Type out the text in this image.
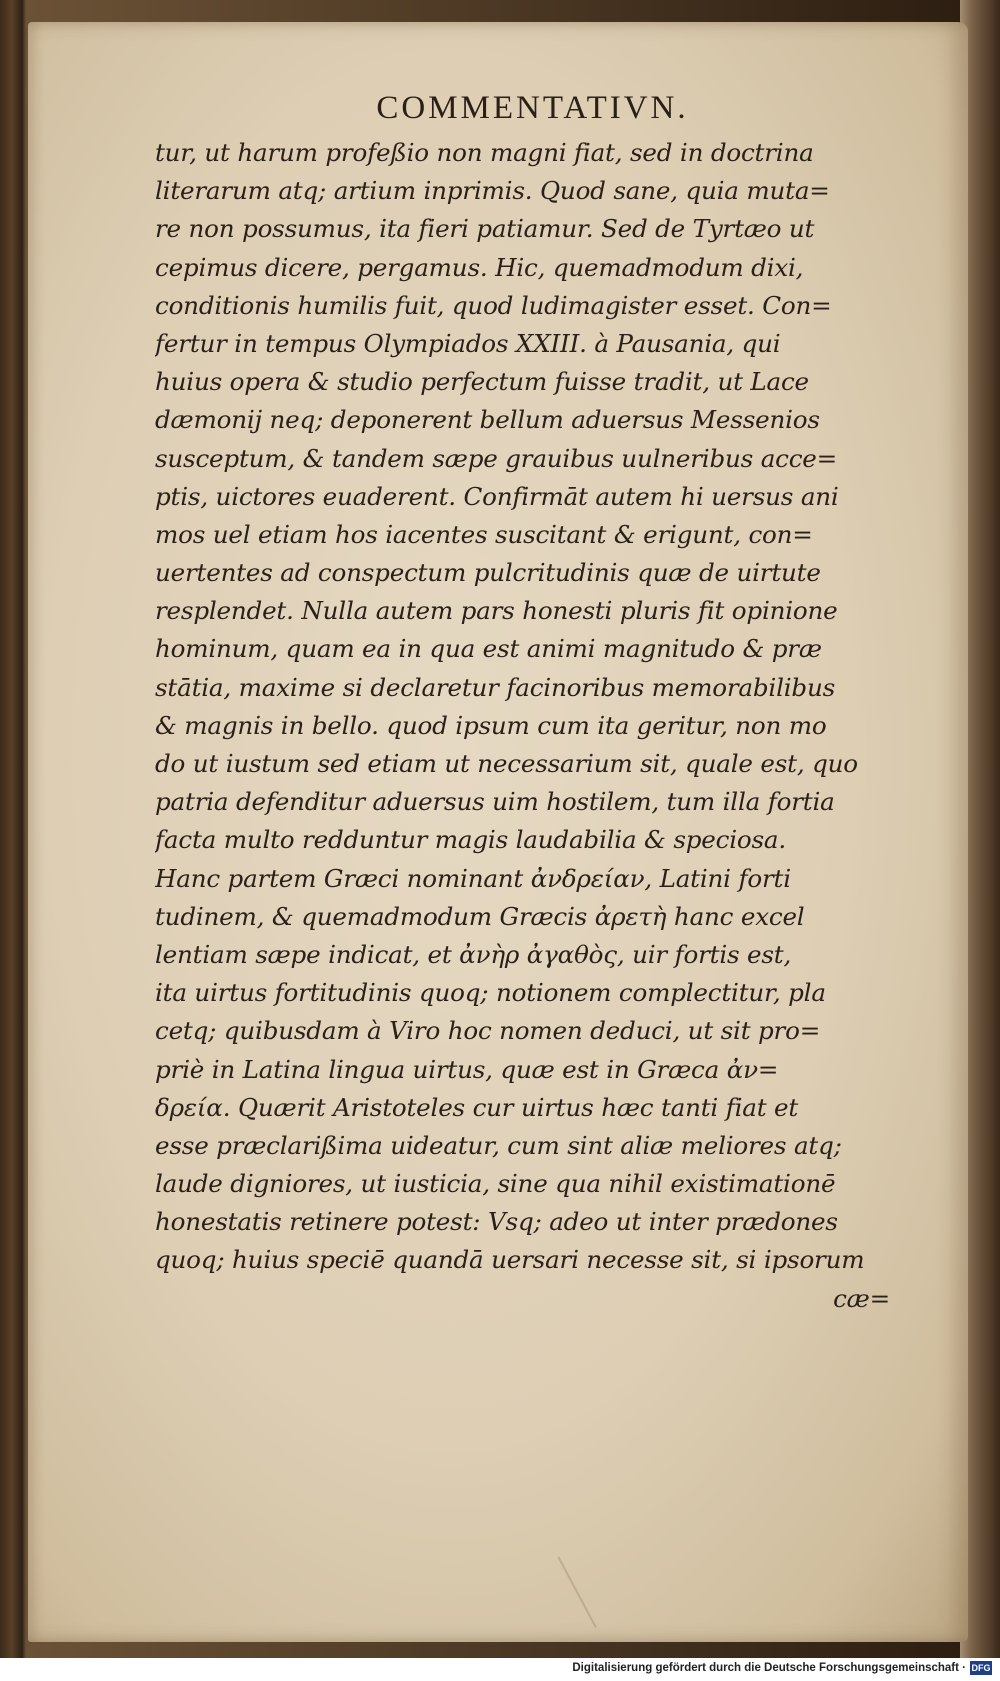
COMMENTATIVN.
tur, ut harum profeßio non magni fiat, sed in doctrina
literarum atq; artium inprimis. Quod sane, quia muta=
re non possumus, ita fieri patiamur. Sed de Tyrtæo ut
cepimus dicere, pergamus. Hic, quemadmodum dixi,
conditionis humilis fuit, quod ludimagister esset. Con=
fertur in tempus Olympiados XXIII. à Pausania, qui
huius opera & studio perfectum fuisse tradit, ut Lace
dæmonij neq; deponerent bellum aduersus Messenios
susceptum, & tandem sæpe grauibus uulneribus acce=
ptis, uictores euaderent. Confirmāt autem hi uersus ani
mos uel etiam hos iacentes suscitant & erigunt, con=
uertentes ad conspectum pulcritudinis quæ de uirtute
resplendet. Nulla autem pars honesti pluris fit opinione
hominum, quam ea in qua est animi magnitudo & præ
stātia, maxime si declaretur facinoribus memorabilibus
& magnis in bello. quod ipsum cum ita geritur, non mo
do ut iustum sed etiam ut necessarium sit, quale est, quo
patria defenditur aduersus uim hostilem, tum illa fortia
facta multo redduntur magis laudabilia & speciosa.
Hanc partem Græci nominant ἀνδρείαν, Latini forti
tudinem, & quemadmodum Græcis ἀρετὴ hanc excel
lentiam sæpe indicat, et ἀνὴρ ἀγαθὸς, uir fortis est,
ita uirtus fortitudinis quoq; notionem complectitur, pla
cetq; quibusdam à Viro hoc nomen deduci, ut sit pro=
priè in Latina lingua uirtus, quæ est in Græca ἀν=
δρεία. Quærit Aristoteles cur uirtus hæc tanti fiat et
esse præclarißima uideatur, cum sint aliæ meliores atq;
laude digniores, ut iusticia, sine qua nihil existimationē
honestatis retinere potest: Vsq; adeo ut inter prædones
quoq; huius speciē quandā uersari necesse sit, si ipsorum
cæ=
Digitalisierung gefördert durch die Deutsche Forschungsgemeinschaft · DFG
